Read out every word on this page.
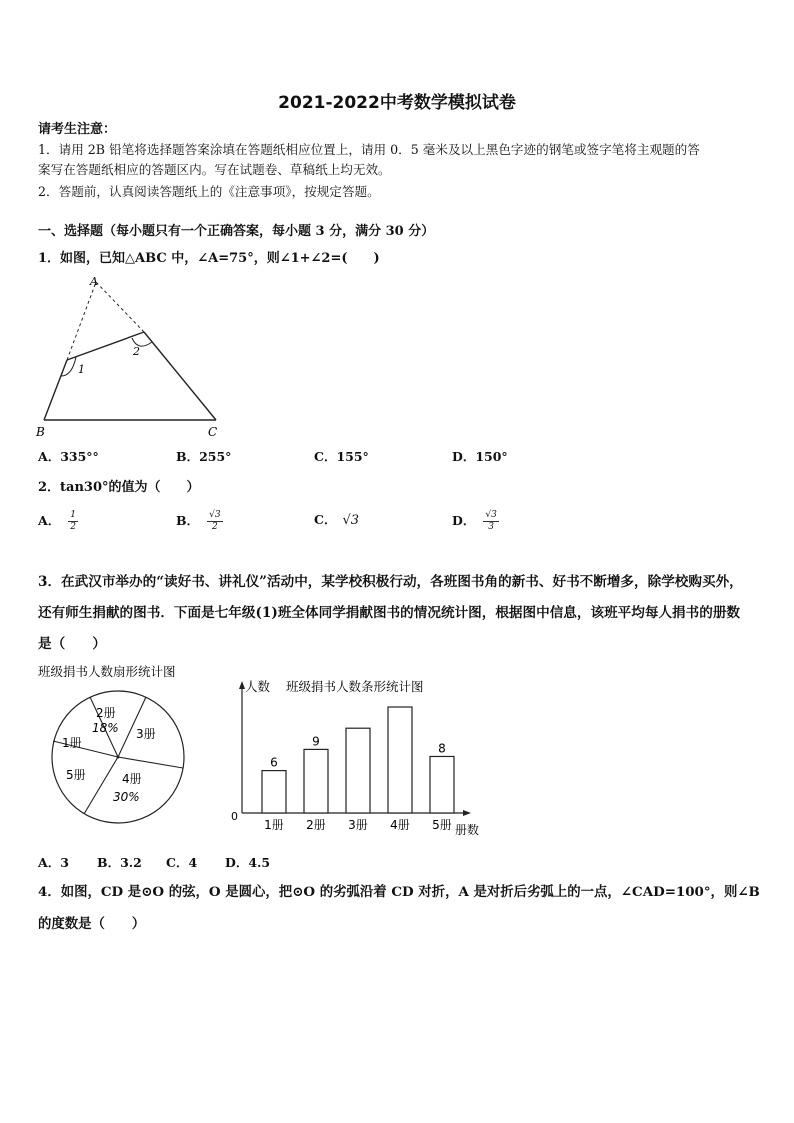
2021-2022中考数学模拟试卷
请考生注意：
1．请用 2B 铅笔将选择题答案涂填在答题纸相应位置上，请用 0．5 毫米及以上黑色字迹的钢笔或签字笔将主观题的答
案写在答题纸相应的答题区内。写在试题卷、草稿纸上均无效。
2．答题前，认真阅读答题纸上的《注意事项》，按规定答题。
一、选择题（每小题只有一个正确答案，每小题 3 分，满分 30 分）
1．如图，已知△ABC 中，∠A=75°，则∠1+∠2=(　　)
A
B	C
1
2
A．335°°	B．255°	C．155°	D．150°
2．tan30°的值为（　　）
A． $\frac{1}{2}$	B． $\frac{√3}{2}$	C． √3	D． $\frac{√3}{3}$
3．在武汉市举办的“读好书、讲礼仪”活动中，某学校积极行动，各班图书角的新书、好书不断增多，除学校购买外，
还有师生捐献的图书．下面是七年级(1)班全体同学捐献图书的情况统计图，根据图中信息，该班平均每人捐书的册数
是（　　）
班级捐书人数扇形统计图
2册
18% 3册
1册
5册	4册
30%
人数 班级捐书人数条形统计图
0
册数
6
1册
9
2册 3册 4册
8
5册
A．3 B．3.2 C．4 D．4.5
4．如图，CD 是⊙O 的弦，O 是圆心，把⊙O 的劣弧沿着 CD 对折，A 是对折后劣弧上的一点，∠CAD=100°，则∠B
的度数是（　　）
